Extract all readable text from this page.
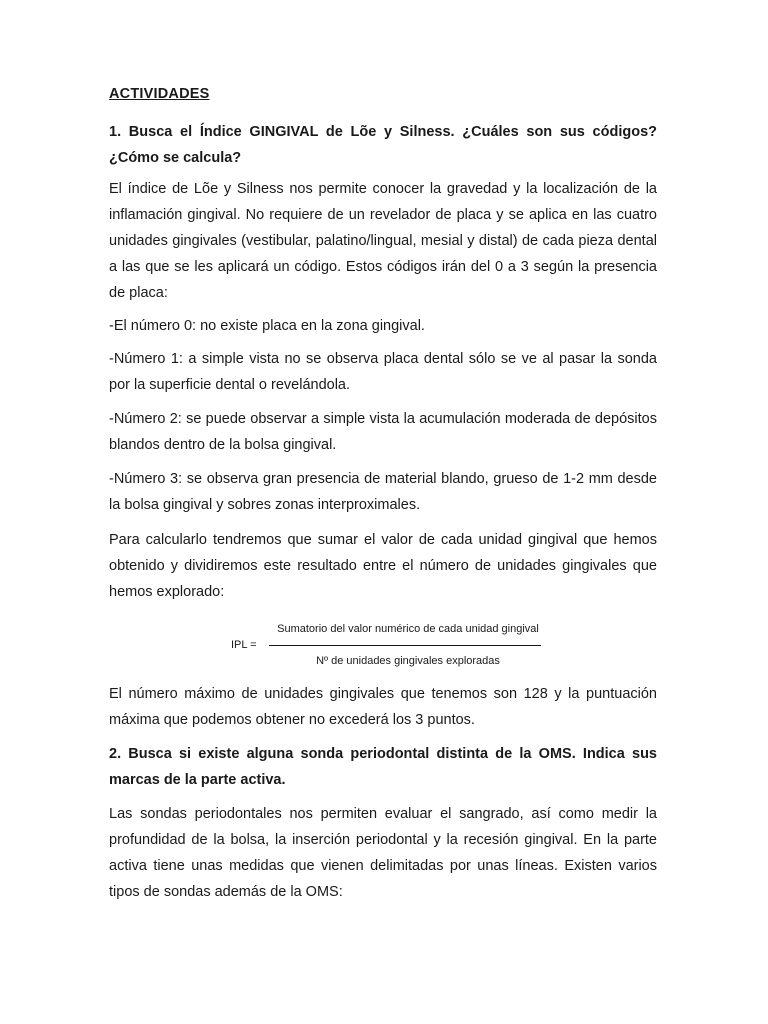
ACTIVIDADES
1. Busca el Índice GINGIVAL de Lõe y Silness. ¿Cuáles son sus códigos? ¿Cómo se calcula?
El índice de Lõe y Silness nos permite conocer la gravedad y la localización de la inflamación gingival. No requiere de un revelador de placa y se aplica en las cuatro unidades gingivales (vestibular, palatino/lingual, mesial y distal) de cada pieza dental a las que se les aplicará un código. Estos códigos irán del 0 a 3 según la presencia de placa:
-El número 0: no existe placa en la zona gingival.
-Número 1: a simple vista no se observa placa dental sólo se ve al pasar la sonda por la superficie dental o revelándola.
-Número 2: se puede observar a simple vista la acumulación moderada de depósitos blandos dentro de la bolsa gingival.
-Número 3: se observa gran presencia de material blando, grueso de 1-2 mm desde la bolsa gingival y sobres zonas interproximales.
Para calcularlo tendremos que sumar el valor de cada unidad gingival que hemos obtenido y dividiremos este resultado entre el número de unidades gingivales que hemos explorado:
IPL =
Sumatorio del valor numérico de cada unidad gingival
Nº de unidades gingivales exploradas
El número máximo de unidades gingivales que tenemos son 128 y la puntuación máxima que podemos obtener no excederá los 3 puntos.
2. Busca si existe alguna sonda periodontal distinta de la OMS. Indica sus marcas de la parte activa.
Las sondas periodontales nos permiten evaluar el sangrado, así como medir la profundidad de la bolsa, la inserción periodontal y la recesión gingival. En la parte activa tiene unas medidas que vienen delimitadas por unas líneas. Existen varios tipos de sondas además de la OMS:
